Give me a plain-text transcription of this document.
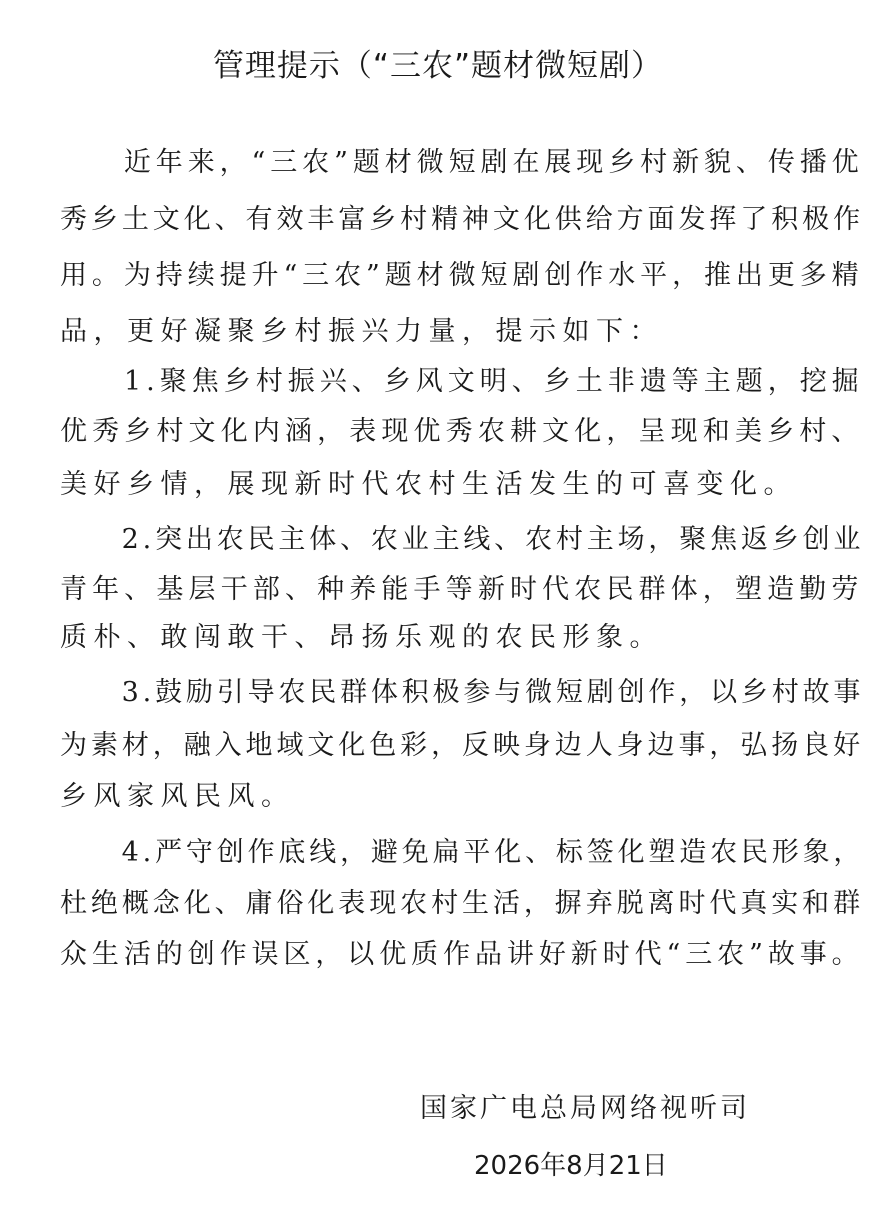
管理提示（“三农”题材微短剧）
　　近年来，“三农”题材微短剧在展现乡村新貌、传播优
秀乡土文化、有效丰富乡村精神文化供给方面发挥了积极作
用。为持续提升“三农”题材微短剧创作水平，推出更多精
品，更好凝聚乡村振兴力量，提示如下：
　　1.聚焦乡村振兴、乡风文明、乡土非遗等主题，挖掘
优秀乡村文化内涵，表现优秀农耕文化，呈现和美乡村、
美好乡情，展现新时代农村生活发生的可喜变化。
　　2.突出农民主体、农业主线、农村主场，聚焦返乡创业
青年、基层干部、种养能手等新时代农民群体，塑造勤劳
质朴、敢闯敢干、昂扬乐观的农民形象。
　　3.鼓励引导农民群体积极参与微短剧创作，以乡村故事
为素材，融入地域文化色彩，反映身边人身边事，弘扬良好
乡风家风民风。
　　4.严守创作底线，避免扁平化、标签化塑造农民形象，
杜绝概念化、庸俗化表现农村生活，摒弃脱离时代真实和群
众生活的创作误区，以优质作品讲好新时代“三农”故事。
国家广电总局网络视听司
2026年8月21日
